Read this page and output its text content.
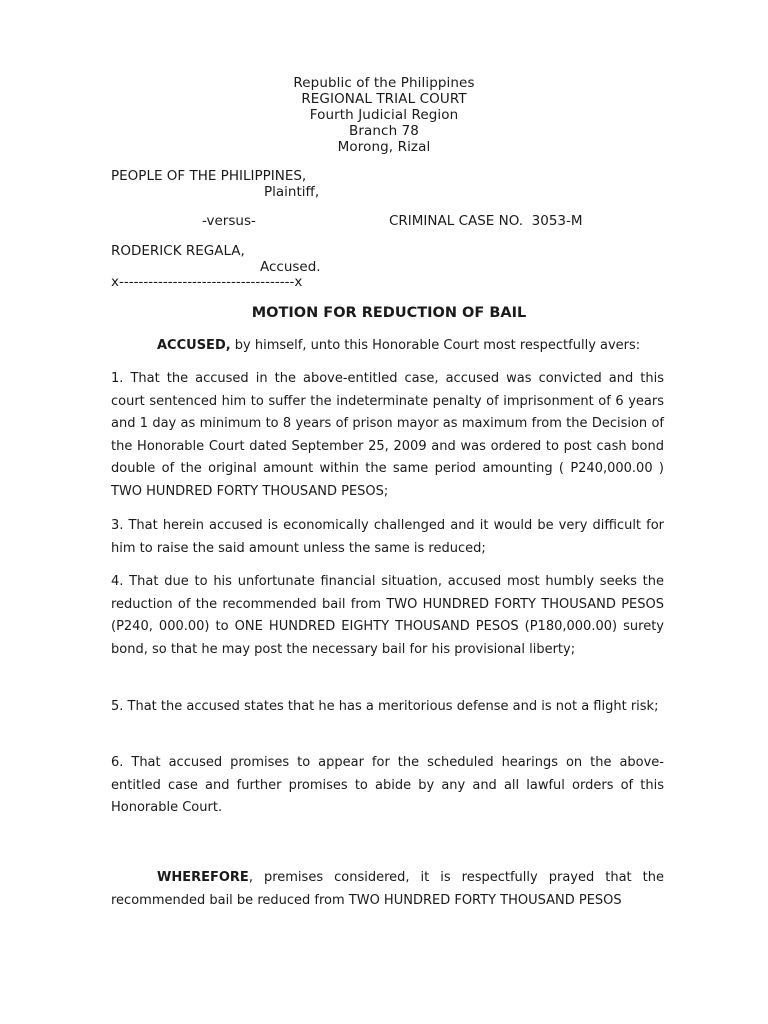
Republic of the Philippines
REGIONAL TRIAL COURT
Fourth Judicial Region
Branch 78
Morong, Rizal
PEOPLE OF THE PHILIPPINES,
Plaintiff,
-versus-	CRIMINAL CASE NO.  3053-M
RODERICK REGALA,
Accused.
x------------------------------------x
MOTION FOR REDUCTION OF BAIL

ACCUSED, by himself, unto this Honorable Court most respectfully avers:

1. That the accused in the above-entitled case, accused was convicted and this court sentenced him to suffer the indeterminate penalty of imprisonment of 6 years and 1 day as minimum to 8 years of prison mayor as maximum from the Decision of the Honorable Court dated September 25, 2009 and was ordered to post cash bond double of the original amount within the same period amounting ( P240,000.00 ) TWO HUNDRED FORTY THOUSAND PESOS;

3. That herein accused is economically challenged and it would be very difficult for him to raise the said amount unless the same is reduced;

4. That due to his unfortunate financial situation, accused most humbly seeks the reduction of the recommended bail from TWO HUNDRED FORTY THOUSAND PESOS (P240, 000.00) to ONE HUNDRED EIGHTY THOUSAND PESOS (P180,000.00) surety bond, so that he may post the necessary bail for his provisional liberty;

5. That the accused states that he has a meritorious defense and is not a flight risk;

6. That accused promises to appear for the scheduled hearings on the above-entitled case and further promises to abide by any and all lawful orders of this Honorable Court.

WHEREFORE, premises considered, it is respectfully prayed that the recommended bail be reduced from TWO HUNDRED FORTY THOUSAND PESOS
